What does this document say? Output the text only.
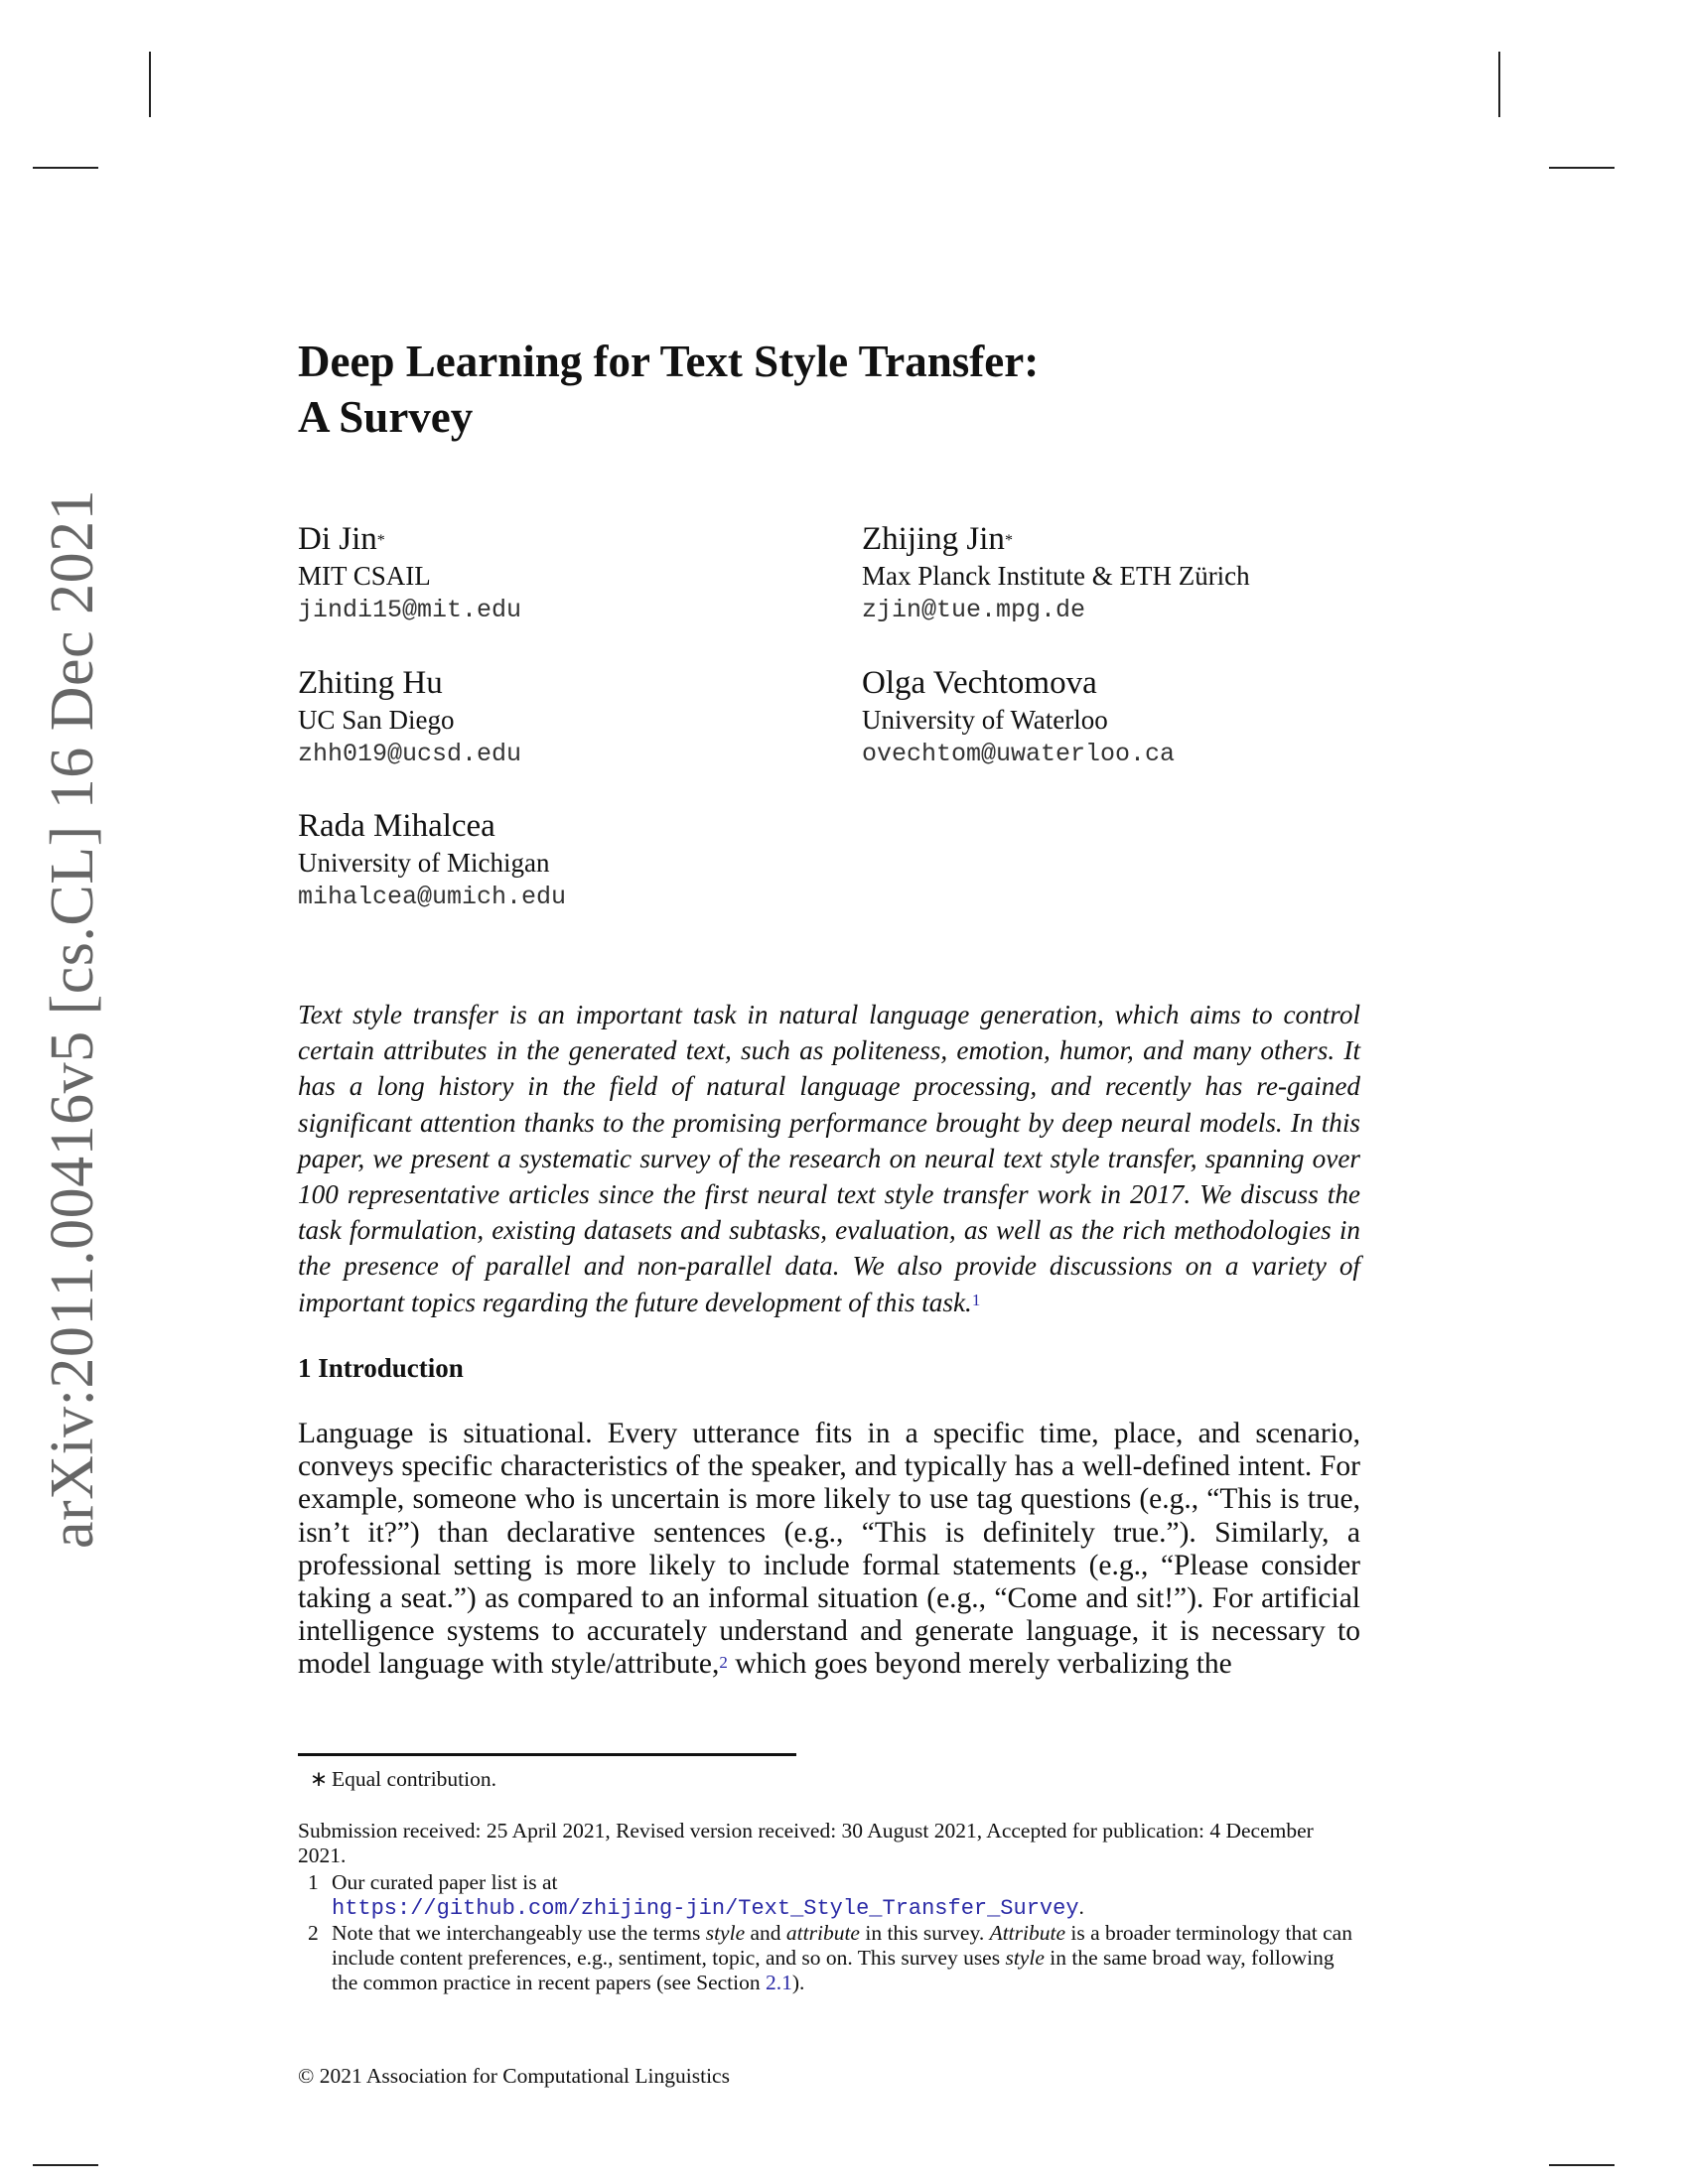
arXiv:2011.00416v5 [cs.CL] 16 Dec 2021
Deep Learning for Text Style Transfer:
A Survey
Di Jin*
MIT CSAIL
jindi15@mit.edu
Zhijing Jin*
Max Planck Institute & ETH Zürich
zjin@tue.mpg.de
Zhiting Hu
UC San Diego
zhh019@ucsd.edu
Olga Vechtomova
University of Waterloo
ovechtom@uwaterloo.ca
Rada Mihalcea
University of Michigan
mihalcea@umich.edu

Text style transfer is an important task in natural language generation, which aims to control certain attributes in the generated text, such as politeness, emotion, humor, and many others. It has a long history in the field of natural language processing, and recently has re-gained significant attention thanks to the promising performance brought by deep neural models. In this paper, we present a systematic survey of the research on neural text style transfer, spanning over 100 representative articles since the first neural text style transfer work in 2017. We discuss the task formulation, existing datasets and subtasks, evaluation, as well as the rich methodologies in the presence of parallel and non-parallel data. We also provide discussions on a variety of important topics regarding the future development of this task.$^1$

1 Introduction

Language is situational. Every utterance fits in a specific time, place, and scenario, conveys specific characteristics of the speaker, and typically has a well-defined intent. For example, someone who is uncertain is more likely to use tag questions (e.g., “This is true, isn’t it?”) than declarative sentences (e.g., “This is definitely true.”). Similarly, a professional setting is more likely to include formal statements (e.g., “Please consider taking a seat.”) as compared to an informal situation (e.g., “Come and sit!”). For artificial intelligence systems to accurately understand and generate language, it is necessary to model language with style/attribute,$^2$ which goes beyond merely verbalizing the

∗ Equal contribution.
Submission received: 25 April 2021, Revised version received: 30 August 2021, Accepted for publication: 4 December 2021.
1 Our curated paper list is at
https://github.com/zhijing-jin/Text_Style_Transfer_Survey.
2 Note that we interchangeably use the terms style and attribute in this survey. Attribute is a broader terminology that can include content preferences, e.g., sentiment, topic, and so on. This survey uses style in the same broad way, following the common practice in recent papers (see Section 2.1).
© 2021 Association for Computational Linguistics
